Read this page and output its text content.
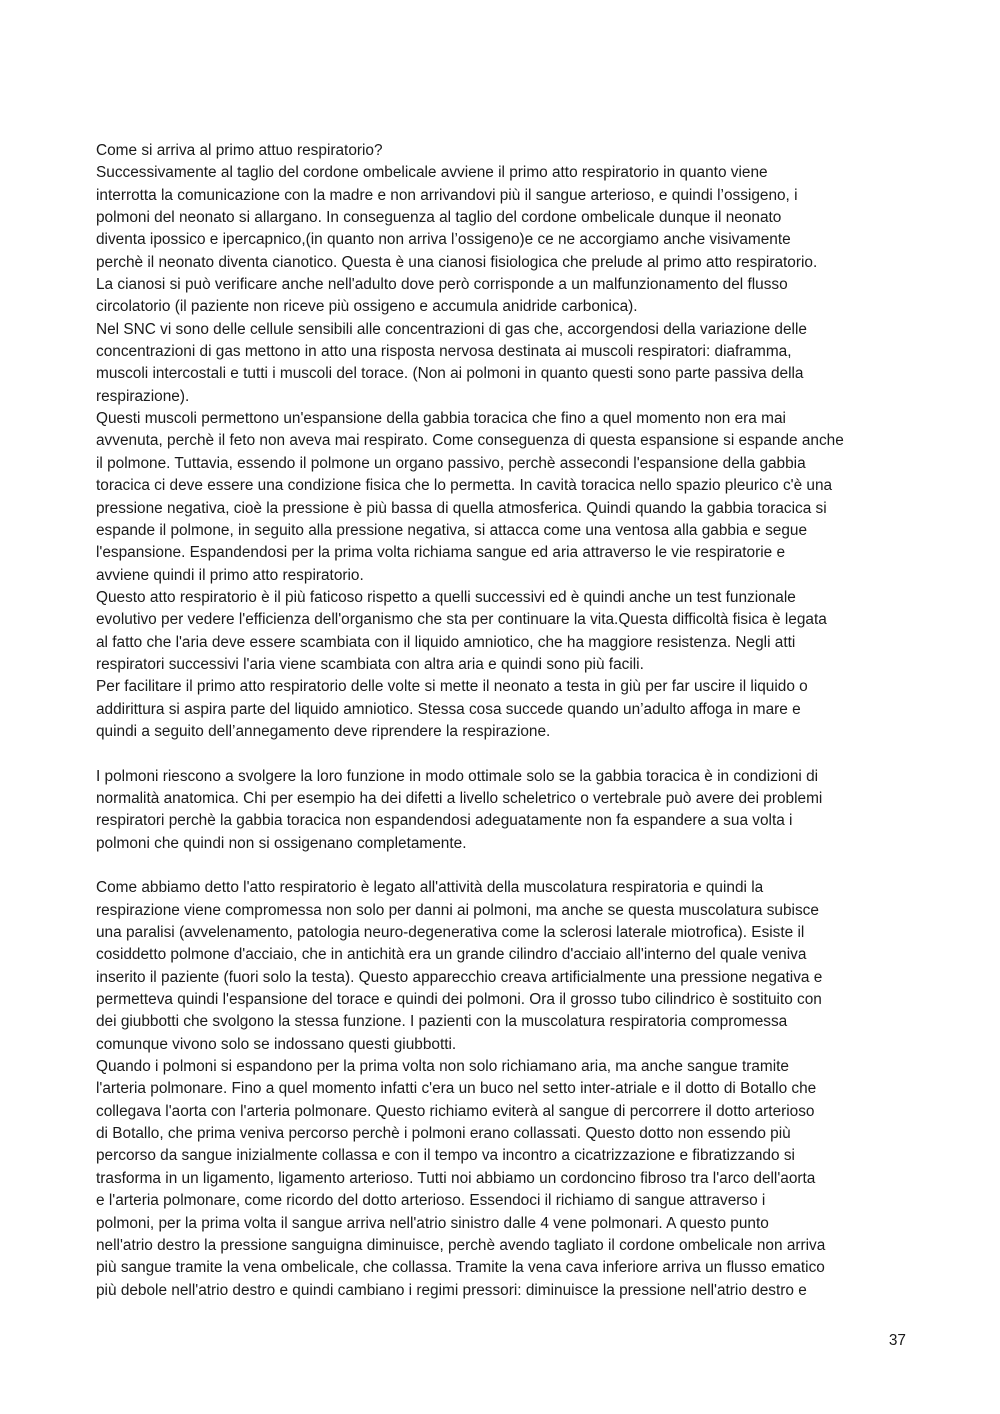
Come si arriva al primo attuo respiratorio?
Successivamente al taglio del cordone ombelicale avviene il primo atto respiratorio in quanto viene
interrotta la comunicazione con la madre e non arrivandovi più il sangue arterioso, e quindi l’ossigeno, i
polmoni del neonato si allargano. In conseguenza al taglio del cordone ombelicale dunque il neonato
diventa ipossico e ipercapnico,(in quanto non arriva l’ossigeno)e ce ne accorgiamo anche visivamente
perchè il neonato diventa cianotico. Questa è una cianosi fisiologica che prelude al primo atto respiratorio.
La cianosi si può verificare anche nell'adulto dove però corrisponde a un malfunzionamento del flusso
circolatorio (il paziente non riceve più ossigeno e accumula anidride carbonica).
Nel SNC vi sono delle cellule sensibili alle concentrazioni di gas che, accorgendosi della variazione delle
concentrazioni di gas mettono in atto una risposta nervosa destinata ai muscoli respiratori: diaframma,
muscoli intercostali e tutti i muscoli del torace. (Non ai polmoni in quanto questi sono parte passiva della
respirazione).
Questi muscoli permettono un'espansione della gabbia toracica che fino a quel momento non era mai
avvenuta, perchè il feto non aveva mai respirato. Come conseguenza di questa espansione si espande anche
il polmone. Tuttavia, essendo il polmone un organo passivo, perchè assecondi l'espansione della gabbia
toracica ci deve essere una condizione fisica che lo permetta. In cavità toracica nello spazio pleurico c'è una
pressione negativa, cioè la pressione è più bassa di quella atmosferica. Quindi quando la gabbia toracica si
espande il polmone, in seguito alla pressione negativa, si attacca come una ventosa alla gabbia e segue
l'espansione. Espandendosi per la prima volta richiama sangue ed aria attraverso le vie respiratorie e
avviene quindi il primo atto respiratorio.
Questo atto respiratorio è il più faticoso rispetto a quelli successivi ed è quindi anche un test funzionale
evolutivo per vedere l'efficienza dell'organismo che sta per continuare la vita.Questa difficoltà fisica è legata
al fatto che l'aria deve essere scambiata con il liquido amniotico, che ha maggiore resistenza. Negli atti
respiratori successivi l'aria viene scambiata con altra aria e quindi sono più facili.
Per facilitare il primo atto respiratorio delle volte si mette il neonato a testa in giù per far uscire il liquido o
addirittura si aspira parte del liquido amniotico. Stessa cosa succede quando un’adulto affoga in mare e
quindi a seguito dell’annegamento deve riprendere la respirazione.

I polmoni riescono a svolgere la loro funzione in modo ottimale solo se la gabbia toracica è in condizioni di
normalità anatomica. Chi per esempio ha dei difetti a livello scheletrico o vertebrale può avere dei problemi
respiratori perchè la gabbia toracica non espandendosi adeguatamente non fa espandere a sua volta i
polmoni che quindi non si ossigenano completamente.

Come abbiamo detto l'atto respiratorio è legato all'attività della muscolatura respiratoria e quindi la
respirazione viene compromessa non solo per danni ai polmoni, ma anche se questa muscolatura subisce
una paralisi (avvelenamento, patologia neuro-degenerativa come la sclerosi laterale miotrofica). Esiste il
cosiddetto polmone d'acciaio, che in antichità era un grande cilindro d'acciaio all'interno del quale veniva
inserito il paziente (fuori solo la testa). Questo apparecchio creava artificialmente una pressione negativa e
permetteva quindi l'espansione del torace e quindi dei polmoni. Ora il grosso tubo cilindrico è sostituito con
dei giubbotti che svolgono la stessa funzione. I pazienti con la muscolatura respiratoria compromessa
comunque vivono solo se indossano questi giubbotti.
Quando i polmoni si espandono per la prima volta non solo richiamano aria, ma anche sangue tramite
l'arteria polmonare. Fino a quel momento infatti c'era un buco nel setto inter-atriale e il dotto di Botallo che
collegava l'aorta con l'arteria polmonare. Questo richiamo eviterà al sangue di percorrere il dotto arterioso
di Botallo, che prima veniva percorso perchè i polmoni erano collassati. Questo dotto non essendo più
percorso da sangue inizialmente collassa e con il tempo va incontro a cicatrizzazione e fibratizzando si
trasforma in un ligamento, ligamento arterioso. Tutti noi abbiamo un cordoncino fibroso tra l'arco dell'aorta
e l'arteria polmonare, come ricordo del dotto arterioso. Essendoci il richiamo di sangue attraverso i
polmoni, per la prima volta il sangue arriva nell'atrio sinistro dalle 4 vene polmonari. A questo punto
nell'atrio destro la pressione sanguigna diminuisce, perchè avendo tagliato il cordone ombelicale non arriva
più sangue tramite la vena ombelicale, che collassa. Tramite la vena cava inferiore arriva un flusso ematico
più debole nell'atrio destro e quindi cambiano i regimi pressori: diminuisce la pressione nell'atrio destro e

37
